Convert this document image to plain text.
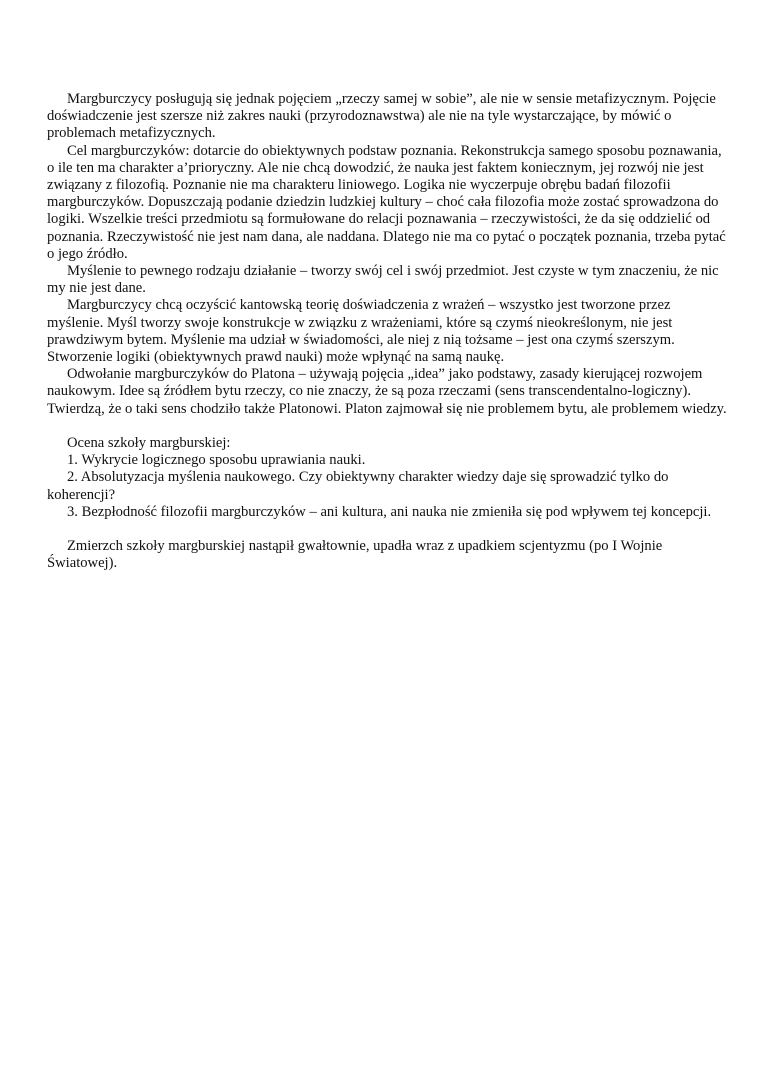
Margburczycy posługują się jednak pojęciem „rzeczy samej w sobie”, ale nie w sensie metafizycznym. Pojęcie doświadczenie jest szersze niż zakres nauki (przyrodoznawstwa) ale nie na tyle wystarczające, by mówić o problemach metafizycznych.

Cel margburczyków: dotarcie do obiektywnych podstaw poznania. Rekonstrukcja samego sposobu poznawania, o ile ten ma charakter a’prioryczny. Ale nie chcą dowodzić, że nauka jest faktem koniecznym, jej rozwój nie jest związany z filozofią. Poznanie nie ma charakteru liniowego. Logika nie wyczerpuje obrębu badań filozofii margburczyków. Dopuszczają podanie dziedzin ludzkiej kultury – choć cała filozofia może zostać sprowadzona do logiki. Wszelkie treści przedmiotu są formułowane do relacji poznawania – rzeczywistości, że da się oddzielić od poznania. Rzeczywistość nie jest nam dana, ale naddana. Dlatego nie ma co pytać o początek poznania, trzeba pytać o jego źródło.

Myślenie to pewnego rodzaju działanie – tworzy swój cel i swój przedmiot. Jest czyste w tym znaczeniu, że nic my nie jest dane.

Margburczycy chcą oczyścić kantowską teorię doświadczenia z wrażeń – wszystko jest tworzone przez myślenie. Myśl tworzy swoje konstrukcje w związku z wrażeniami, które są czymś nieokreślonym, nie jest prawdziwym bytem. Myślenie ma udział w świadomości, ale niej z nią tożsame – jest ona czymś szerszym. Stworzenie logiki (obiektywnych prawd nauki) może wpłynąć na samą naukę.

Odwołanie margburczyków do Platona – używają pojęcia „idea” jako podstawy, zasady kierującej rozwojem naukowym. Idee są źródłem bytu rzeczy, co nie znaczy, że są poza rzeczami (sens transcendentalno-logiczny). Twierdzą, że o taki sens chodziło także Platonowi. Platon zajmował się nie problemem bytu, ale problemem wiedzy.

Ocena szkoły margburskiej:

1. Wykrycie logicznego sposobu uprawiania nauki.

2. Absolutyzacja myślenia naukowego. Czy obiektywny charakter wiedzy daje się sprowadzić tylko do koherencji?

3. Bezpłodność filozofii margburczyków – ani kultura, ani nauka nie zmieniła się pod wpływem tej koncepcji.

Zmierzch szkoły margburskiej nastąpił gwałtownie, upadła wraz z upadkiem scjentyzmu (po I Wojnie Światowej).
